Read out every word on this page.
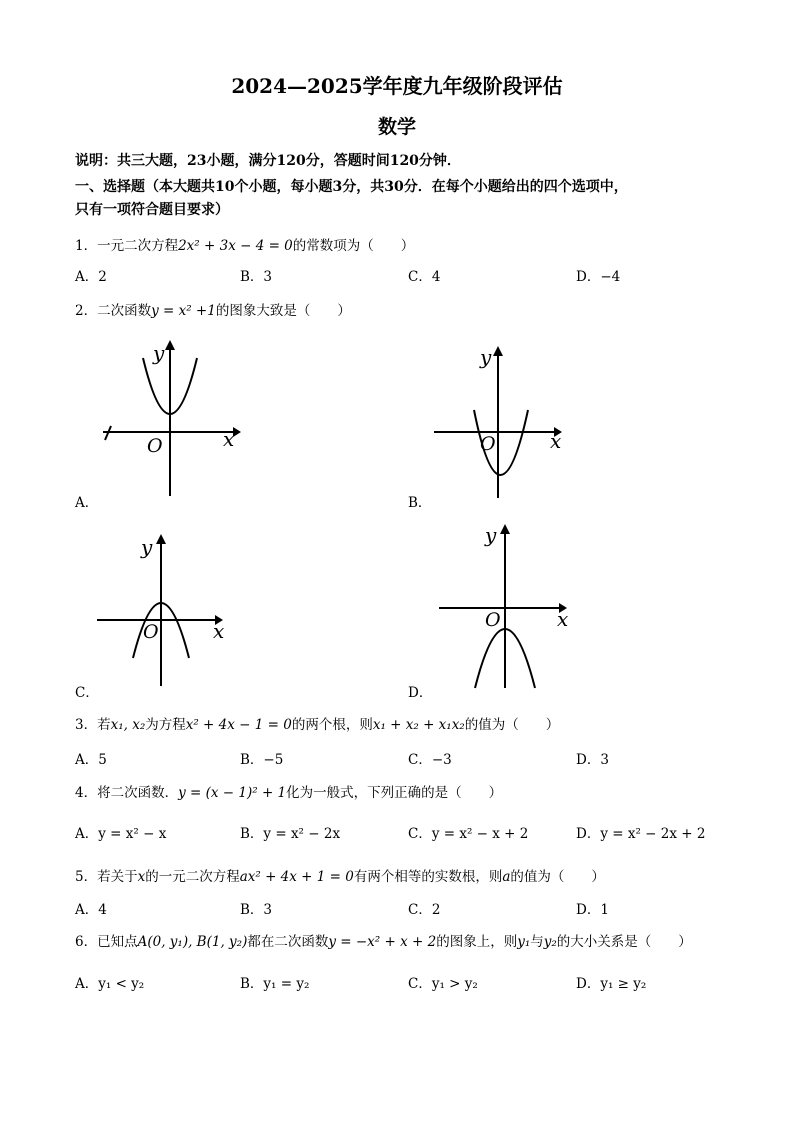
2024—2025学年度九年级阶段评估
数学
说明：共三大题，23小题，满分120分，答题时间120分钟．
一、选择题（本大题共10个小题，每小题3分，共30分．在每个小题给出的四个选项中，
只有一项符合题目要求）
1．一元二次方程2x² + 3x − 4 = 0的常数项为（　　）
A．2	B．3	C．4	D．−4
2．二次函数y = x² +1的图象大致是（　　）
y
x
O
A．
y
x
O
B．
y
x
O
C．
y
x
O
D．
3．若x₁, x₂为方程x² + 4x − 1 = 0的两个根，则x₁ + x₂ + x₁x₂的值为（　　）
A．5	B．−5	C．−3	D．3
4．将二次函数．y = (x − 1)² + 1化为一般式，下列正确的是（　　）
A．y = x² − x	B．y = x² − 2x	C．y = x² − x + 2	D．y = x² − 2x + 2
5．若关于x的一元二次方程ax² + 4x + 1 = 0有两个相等的实数根，则a的值为（　　）
A．4	B．3	C．2	D．1
6．已知点A(0, y₁), B(1, y₂)都在二次函数y = −x² + x + 2的图象上，则y₁与y₂的大小关系是（　　）
A．y₁ < y₂	B．y₁ = y₂	C．y₁ > y₂	D．y₁ ≥ y₂
